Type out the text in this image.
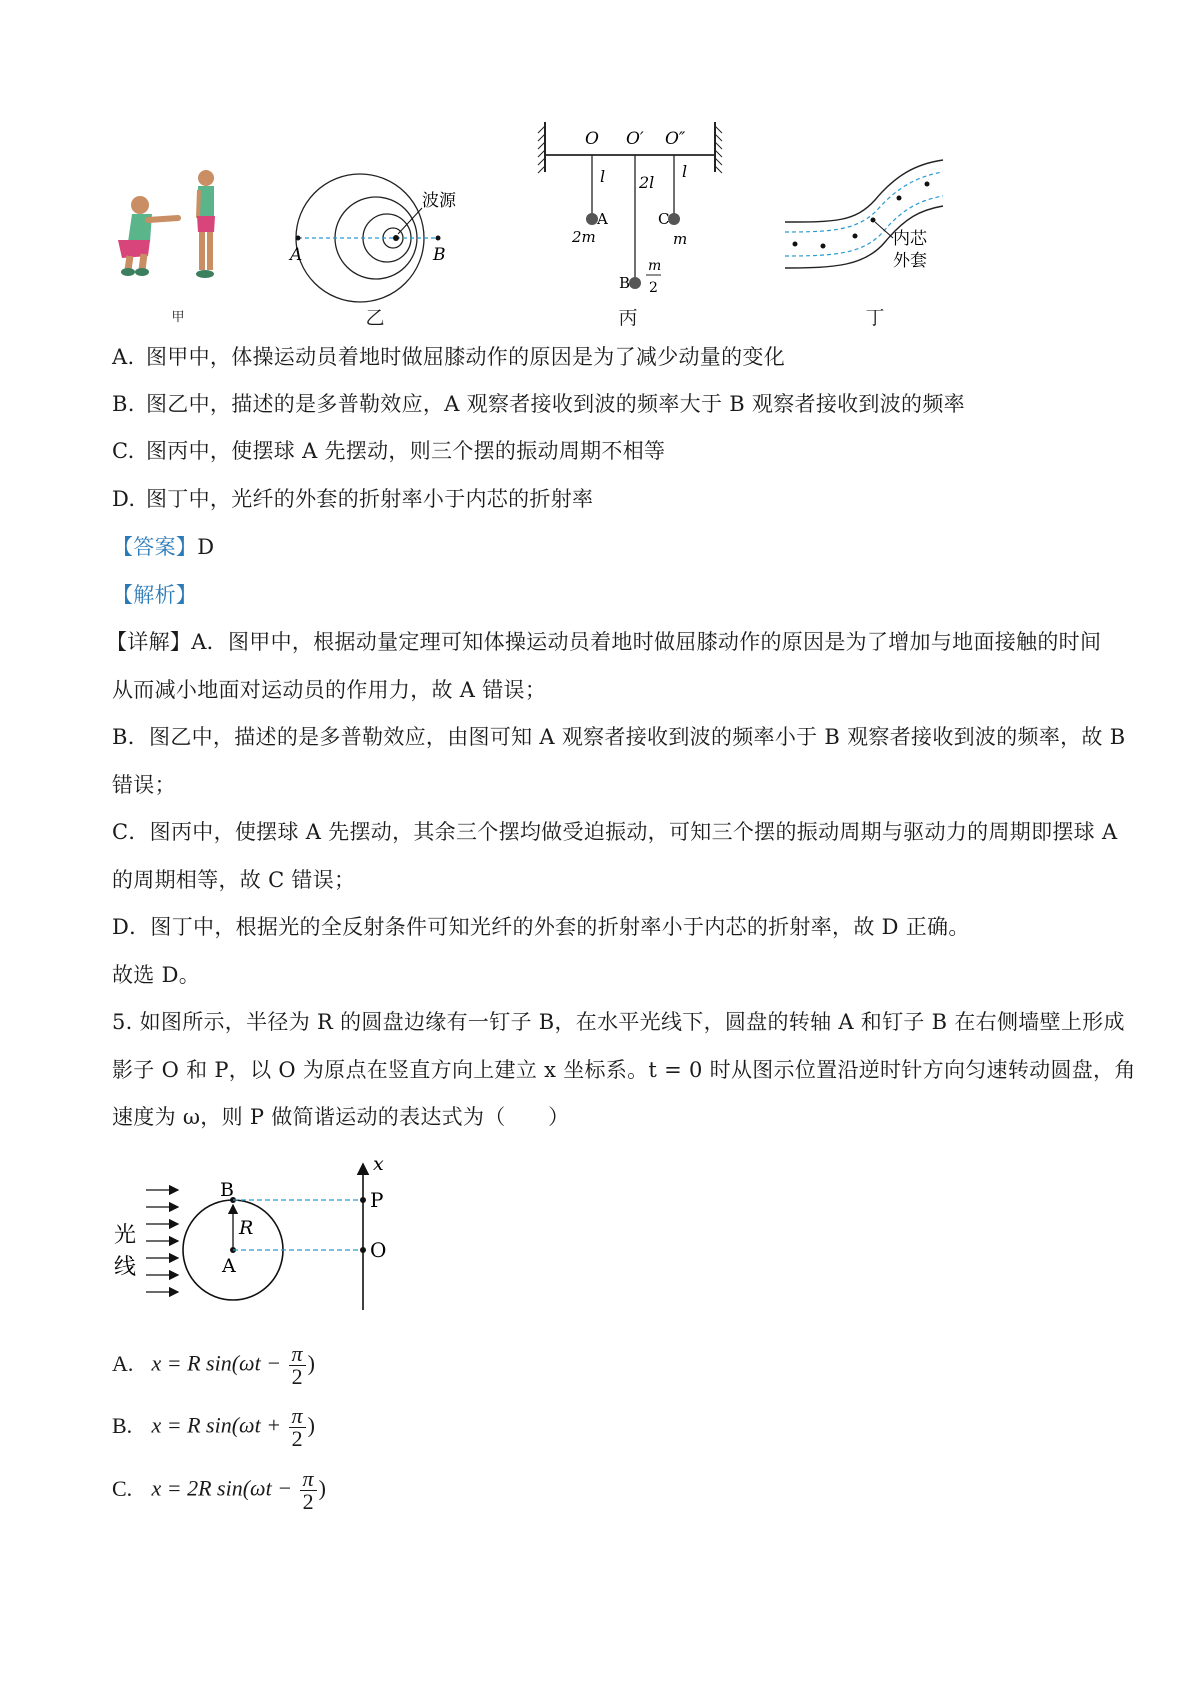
甲
波源
A	B
乙
O O′ O″
l 2l
l
A
2m
C
m
B
m
2
丙
内芯
外套
丁
A. 图甲中，体操运动员着地时做屈膝动作的原因是为了减少动量的变化
B. 图乙中，描述的是多普勒效应，A 观察者接收到波的频率大于 B 观察者接收到波的频率
C. 图丙中，使摆球 A 先摆动，则三个摆的振动周期不相等
D. 图丁中，光纤的外套的折射率小于内芯的折射率
【答案】D
【解析】
【详解】A．图甲中，根据动量定理可知体操运动员着地时做屈膝动作的原因是为了增加与地面接触的时间
从而减小地面对运动员的作用力，故 A 错误；
B．图乙中，描述的是多普勒效应，由图可知 A 观察者接收到波的频率小于 B 观察者接收到波的频率，故 B
错误；
C．图丙中，使摆球 A 先摆动，其余三个摆均做受迫振动，可知三个摆的振动周期与驱动力的周期即摆球 A
的周期相等，故 C 错误；
D．图丁中，根据光的全反射条件可知光纤的外套的折射率小于内芯的折射率，故 D 正确。
故选 D。
5. 如图所示，半径为 R 的圆盘边缘有一钉子 B，在水平光线下，圆盘的转轴 A 和钉子 B 在右侧墙壁上形成
影子 O 和 P，以 O 为原点在竖直方向上建立 x 坐标系。t = 0 时从图示位置沿逆时针方向匀速转动圆盘，角
速度为 ω，则 P 做简谐运动的表达式为（　　）
光
线
B
R
A
x
P
O
A. x = R $\sin(\omega t - \frac{\pi}{2}$ )
B. x = R $\sin(\omega t + \frac{\pi}{2}$ )
C. x = 2R $\sin(\omega t - \frac{\pi}{2}$ )
